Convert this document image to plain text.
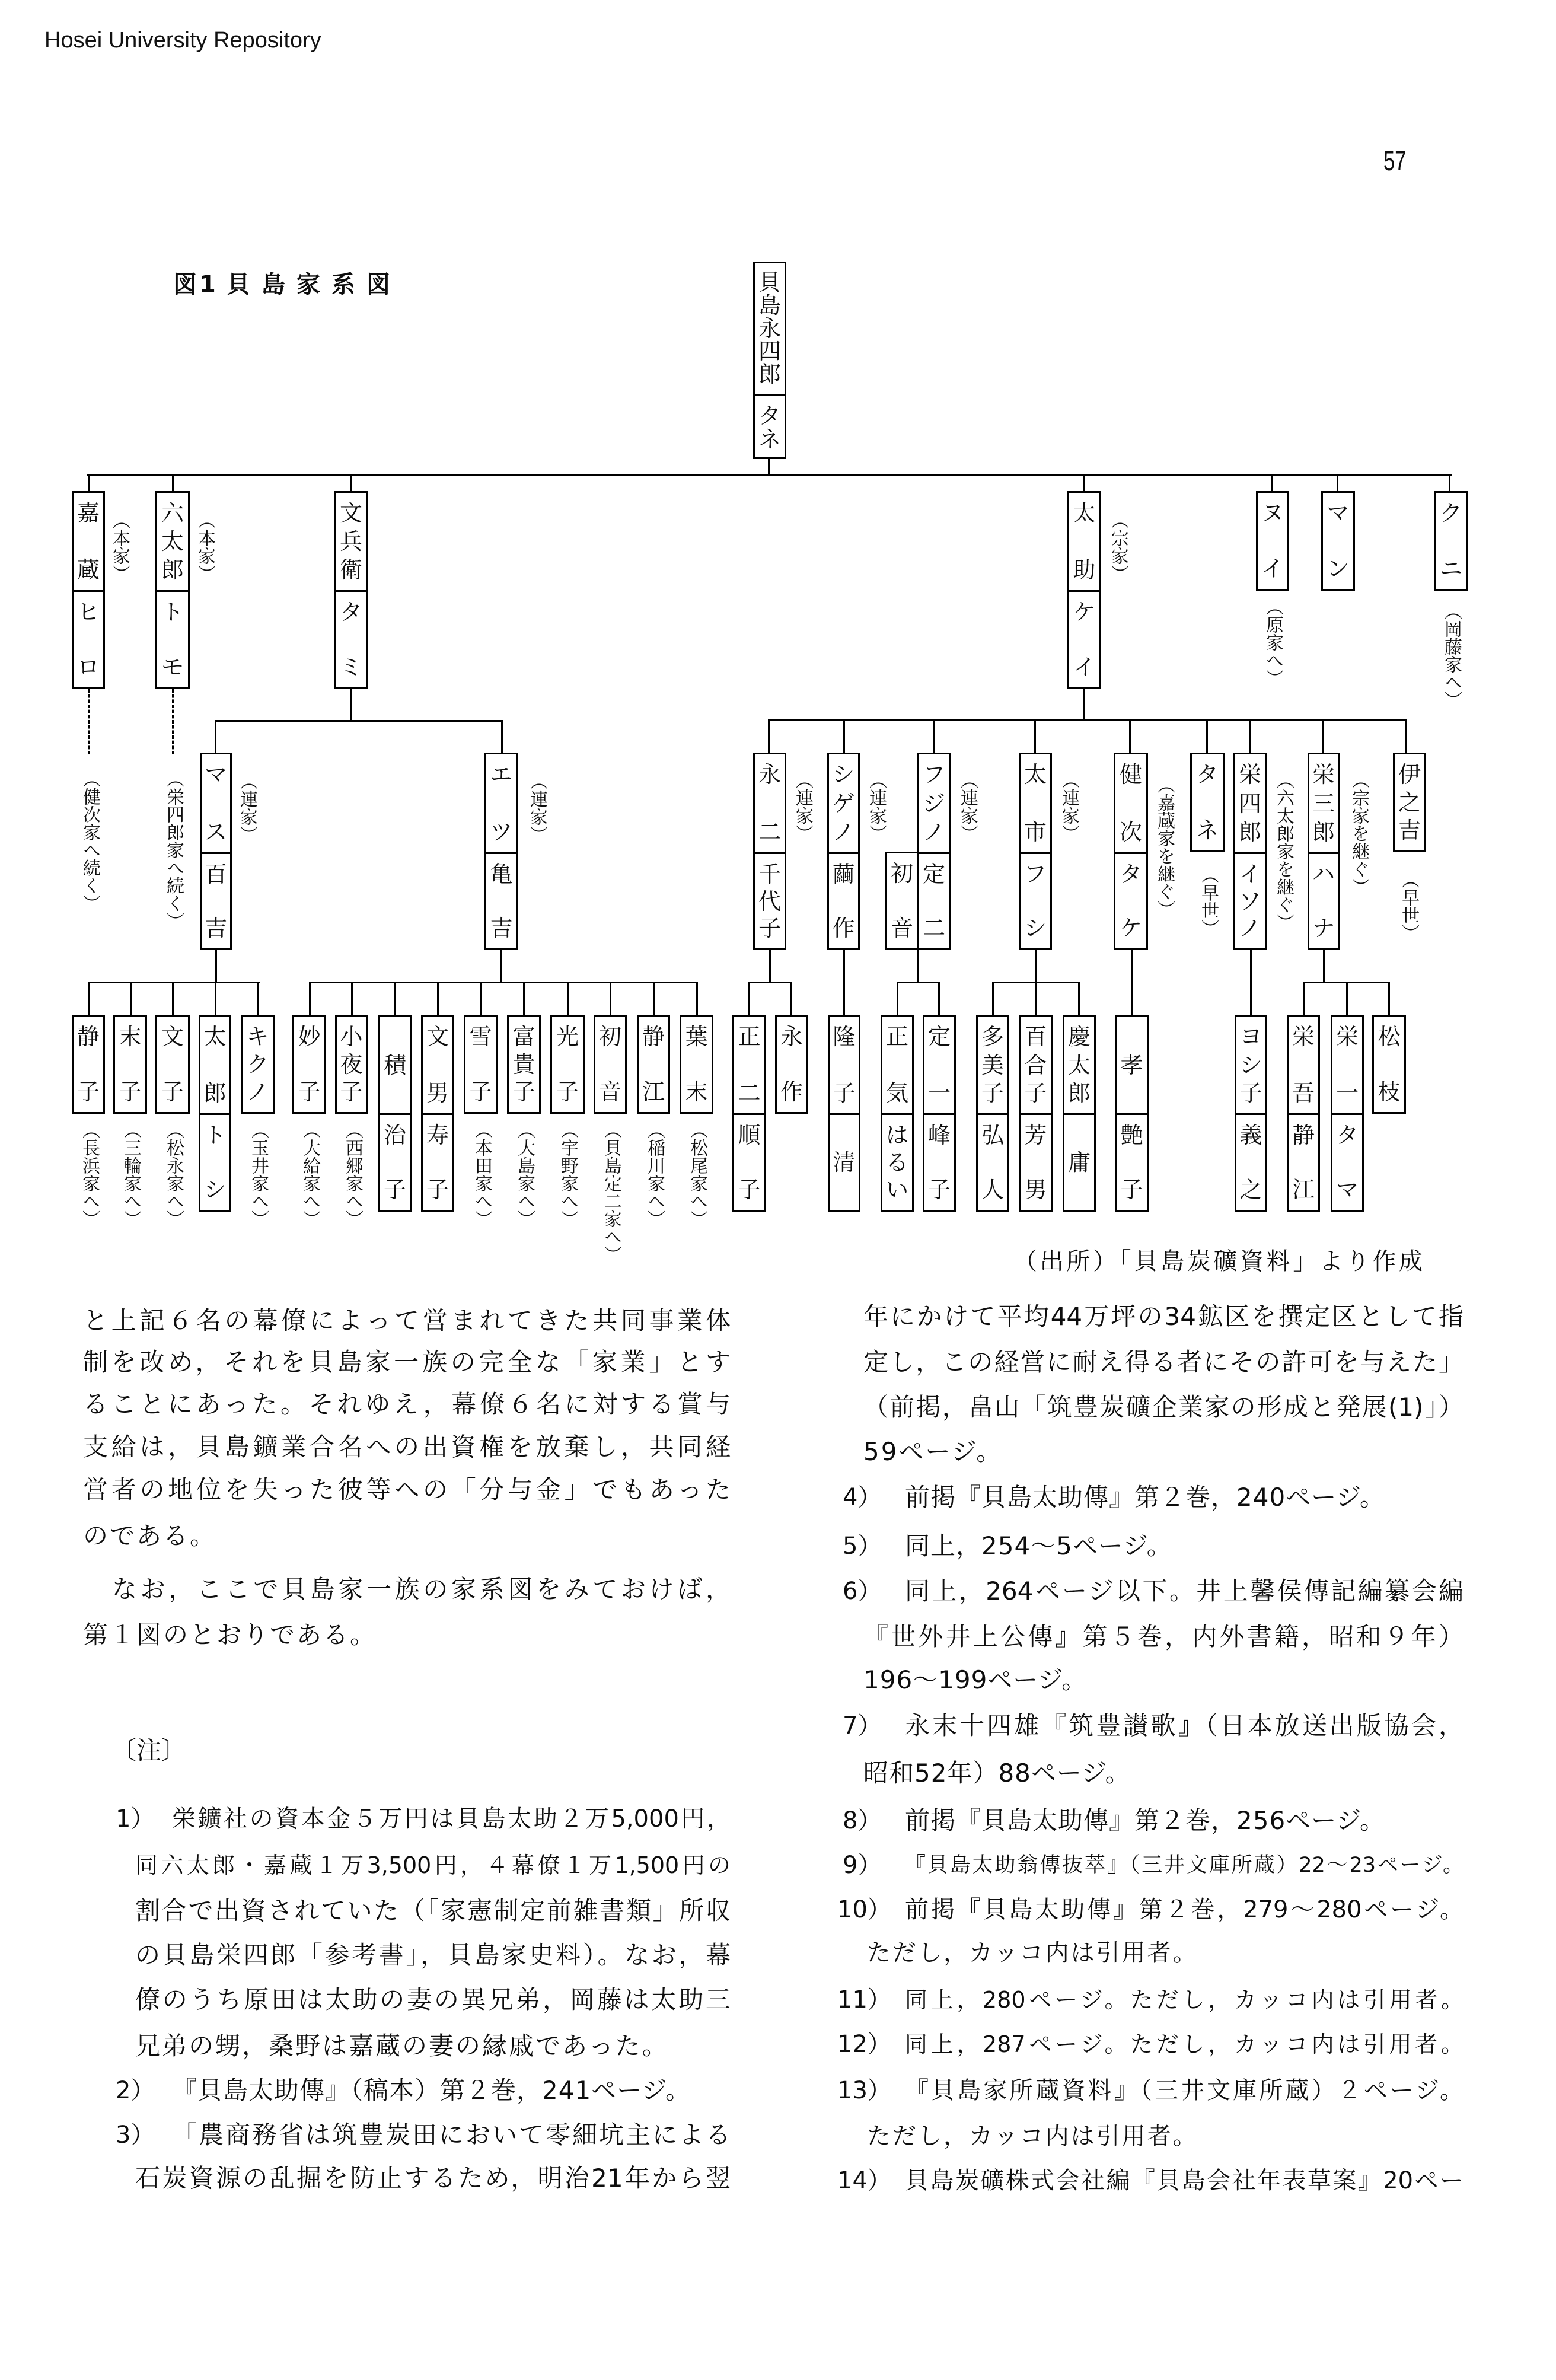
Hosei University Repository
57
図1 貝島家系図	貝
島
永
四
郎
タ
ネ
嘉
蔵
ヒ
ロ
六
太
郎
ト
モ
文
兵
衛
タ
ミ
太
助
ケ
イ
ヌ
イ
マ
ン
ク
ニ
（本家）	（本家）
（健次家へ続く）	（栄四郎家へ続く）
（宗家）
（原家へ）	（岡藤家へ）
マ
ス
百
吉
エ
ツ
亀
吉
永
二
千
代
子
シ
ゲ
ノ
繭
作
初
音
フ
ジ
ノ
定
二
太
市
フ
シ
健
次
タ
ケ
タ
ネ
栄
四
郎
イ
ソ
ノ
栄
三
郎
ハ
ナ
伊
之
吉
（連家）	（連家）	（連家）	（連家）	（連家）	（連家）	（嘉蔵家を継ぐ） （早世）	（六太郎家を継ぐ）	（宗家を継ぐ）
（早世）
静
子
末
子
文
子
太
郎
ト
シ
キ
ク
ノ
妙
子
小
夜
子
積
治
子
文
男
寿
子
雪
子
富
貴
子
光
子
初
音
静
江
葉
末
（長浜家へ） （三輪家へ） （松永家へ）	（玉井家へ） （大給家へ） （西郷家へ）	（本田家へ） （大島家へ） （宇野家へ） （貝島定二家へ） （稲川家へ） （松尾家へ）
正
二
順
子
永
作
隆
子
清
正
気
は
る
い
定
一
峰
子
多
美
子
弘
人
百
合
子
芳
男
慶
太
郎
庸
孝
艶
子
ヨ
シ
子
義
之
栄
吾
静
江
栄
一
タ
マ
松
枝
（出所）「貝島炭礦資料」より作成
と上記６名の幕僚によって営まれてきた共同事業体
制を改め，それを貝島家一族の完全な「家業」とす
ることにあった。それゆえ，幕僚６名に対する賞与
支給は，貝島鑛業合名への出資権を放棄し，共同経
営者の地位を失った彼等への「分与金」でもあった
のである。
なお，ここで貝島家一族の家系図をみておけば，
第１図のとおりである。
〔注〕
1） 栄鑛社の資本金５万円は貝島太助２万5,000円，
同六太郎・嘉蔵１万3,500円，４幕僚１万1,500円の
割合で出資されていた（「家憲制定前雑書類」所収
の貝島栄四郎「参考書」，貝島家史料）。なお，幕
僚のうち原田は太助の妻の異兄弟，岡藤は太助三
兄弟の甥，桑野は嘉蔵の妻の縁戚であった。
2） 『貝島太助傳』（稿本）第２巻，241ページ。
3） 「農商務省は筑豊炭田において零細坑主による
石炭資源の乱掘を防止するため，明治21年から翌
年にかけて平均44万坪の34鉱区を撰定区として指
定し，この経営に耐え得る者にその許可を与えた」
（前掲，畠山「筑豊炭礦企業家の形成と発展(1)」）
59ページ。
4） 前掲『貝島太助傳』第２巻，240ページ。
5） 同上，254〜5ページ。
6） 同上，264ページ以下。井上馨侯傳記編纂会編
『世外井上公傳』第５巻，内外書籍，昭和９年）
196〜199ページ。
7） 永末十四雄『筑豊讃歌』（日本放送出版協会，
昭和52年）88ページ。
8） 前掲『貝島太助傳』第２巻，256ページ。
9） 『貝島太助翁傳抜萃』（三井文庫所蔵）22〜23ページ。
10） 前掲『貝島太助傳』第２巻，279〜280ページ。
ただし，カッコ内は引用者。
11） 同上，280ページ。ただし，カッコ内は引用者。
12） 同上，287ページ。ただし，カッコ内は引用者。
13） 『貝島家所蔵資料』（三井文庫所蔵）２ページ。
ただし，カッコ内は引用者。
14） 貝島炭礦株式会社編『貝島会社年表草案』20ペー
